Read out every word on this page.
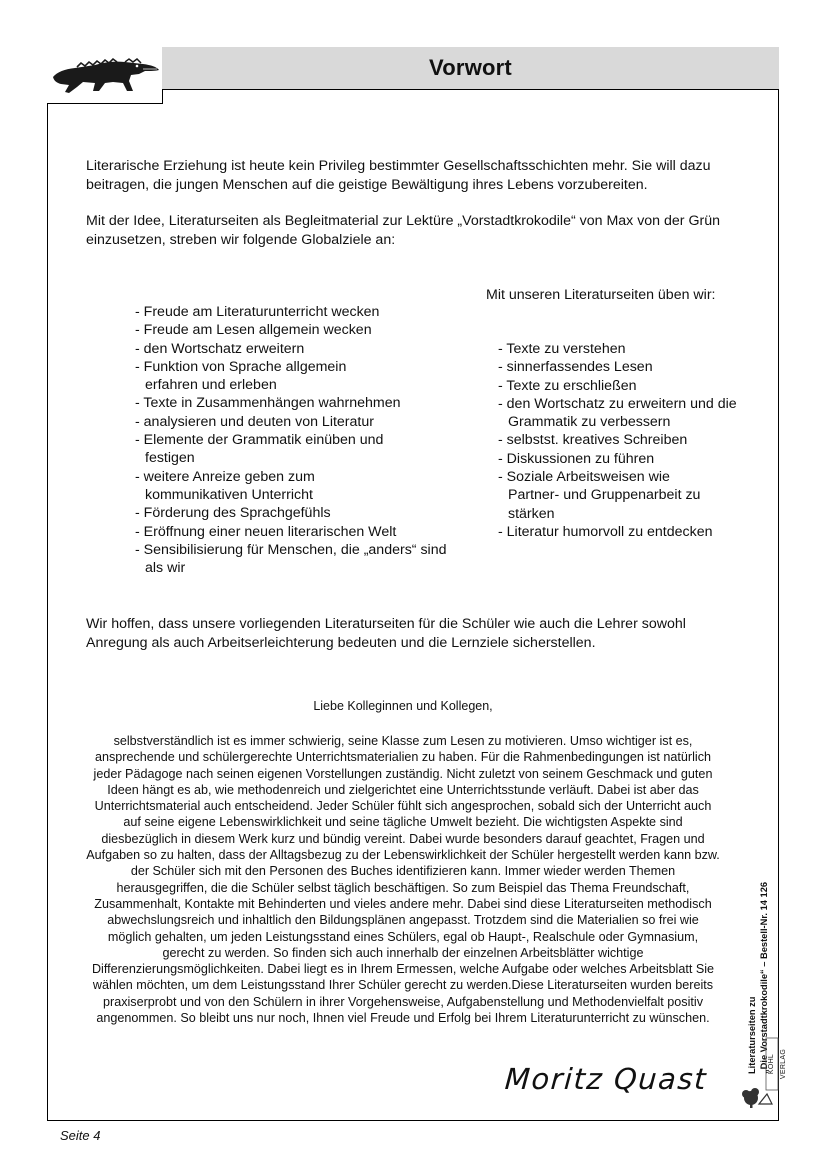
Vorwort

Literarische Erziehung ist heute kein Privileg bestimmter Gesellschaftsschichten mehr. Sie will dazu beitragen, die jungen Menschen auf die geistige Bewältigung ihres Lebens vorzubereiten.

Mit der Idee, Literaturseiten als Begleitmaterial zur Lektüre „Vorstadtkrokodile“ von Max von der Grün einzusetzen, streben wir folgende Globalziele an:

- Freude am Literaturunterricht wecken
- Freude am Lesen allgemein wecken
- den Wortschatz erweitern
- Funktion von Sprache allgemein erfahren und erleben
- Texte in Zusammenhängen wahrnehmen
- analysieren und deuten von Literatur
- Elemente der Grammatik einüben und festigen
- weitere Anreize geben zum kommunikativen Unterricht
- Förderung des Sprachgefühls
- Eröffnung einer neuen literarischen Welt
- Sensibilisierung für Menschen, die „anders“ sind als wir
Mit unseren Literaturseiten üben wir:
- Texte zu verstehen
- sinnerfassendes Lesen
- Texte zu erschließen
- den Wortschatz zu erweitern und die Grammatik zu verbessern
- selbstst. kreatives Schreiben
- Diskussionen zu führen
- Soziale Arbeitsweisen wie Partner- und Gruppenarbeit zu stärken
- Literatur humorvoll zu entdecken

Wir hoffen, dass unsere vorliegenden Literaturseiten für die Schüler wie auch die Lehrer sowohl Anregung als auch Arbeitserleichterung bedeuten und die Lernziele sicherstellen.

Liebe Kolleginnen und Kollegen,

selbstverständlich ist es immer schwierig, seine Klasse zum Lesen zu motivieren. Umso wichtiger ist es, ansprechende und schülergerechte Unterrichtsmaterialien zu haben. Für die Rahmenbedingungen ist natürlich jeder Pädagoge nach seinen eigenen Vorstellungen zuständig. Nicht zuletzt von seinem Geschmack und guten Ideen hängt es ab, wie methodenreich und zielgerichtet eine Unterrichtsstunde verläuft. Dabei ist aber das Unterrichtsmaterial auch entscheidend. Jeder Schüler fühlt sich angesprochen, sobald sich der Unterricht auch auf seine eigene Lebenswirklichkeit und seine tägliche Umwelt bezieht. Die wichtigsten Aspekte sind diesbezüglich in diesem Werk kurz und bündig vereint. Dabei wurde besonders darauf geachtet, Fragen und Aufgaben so zu halten, dass der Alltagsbezug zu der Lebenswirklichkeit der Schüler hergestellt werden kann bzw. der Schüler sich mit den Personen des Buches identifizieren kann. Immer wieder werden Themen herausgegriffen, die die Schüler selbst täglich beschäftigen. So zum Beispiel das Thema Freundschaft, Zusammenhalt, Kontakte mit Behinderten und vieles andere mehr. Dabei sind diese Literaturseiten methodisch abwechslungsreich und inhaltlich den Bildungsplänen angepasst. Trotzdem sind die Materialien so frei wie möglich gehalten, um jeden Leistungsstand eines Schülers, egal ob Haupt-, Realschule oder Gymnasium, gerecht zu werden. So finden sich auch innerhalb der einzelnen Arbeitsblätter wichtige Differenzierungsmöglichkeiten. Dabei liegt es in Ihrem Ermessen, welche Aufgabe oder welches Arbeitsblatt Sie wählen möchten, um dem Leistungsstand Ihrer Schüler gerecht zu werden.Diese Literaturseiten wurden bereits praxiserprobt und von den Schülern in ihrer Vorgehensweise, Aufgabenstellung und Methodenvielfalt positiv angenommen. So bleibt uns nur noch, Ihnen viel Freude und Erfolg bei Ihrem Literaturunterricht zu wünschen.

Moritz Quast
Literaturseiten zu „Die Vorstadtkrokodile“ – Bestell-Nr. 14 126 KOHL VERLAG
Seite 4
